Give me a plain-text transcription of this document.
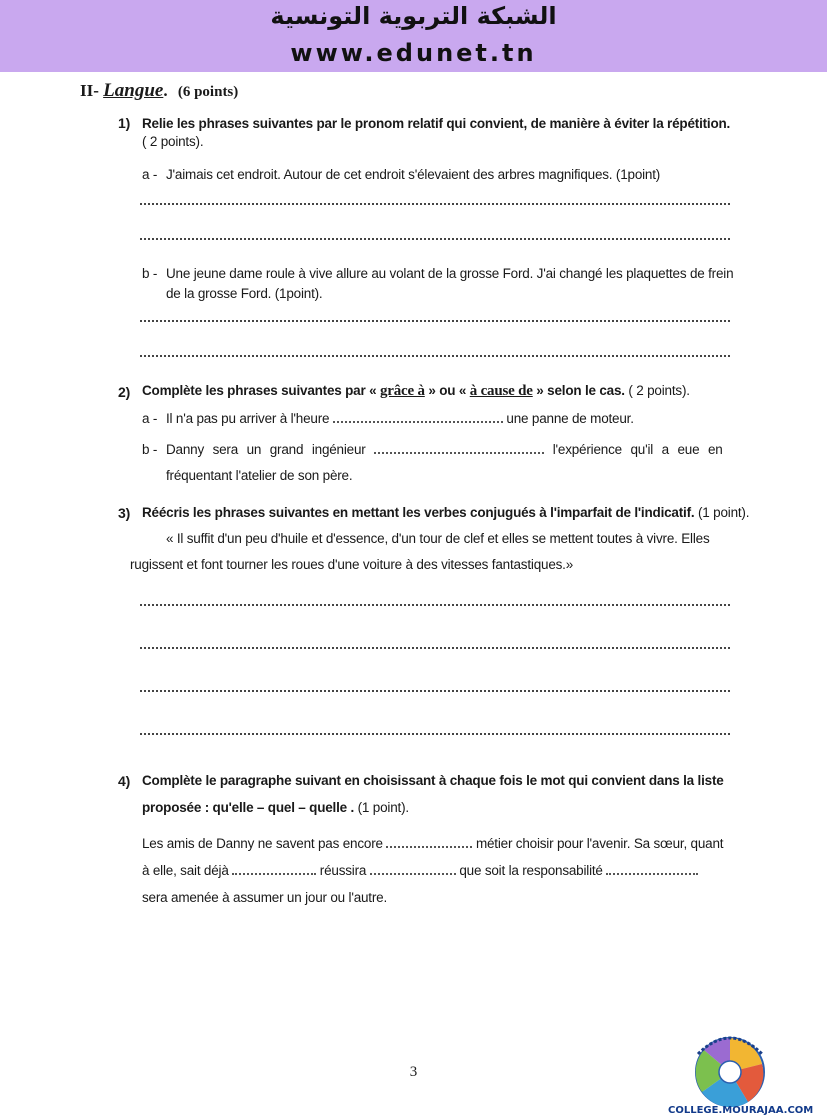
الشبكة التربوية التونسية
www.edunet.tn
II- Langue. (6 points)
1) Relie les phrases suivantes par le pronom relatif qui convient, de manière à éviter la répétition.
( 2 points).
a - J'aimais cet endroit. Autour de cet endroit s'élevaient des arbres magnifiques. (1point)
b - Une jeune dame roule à vive allure au volant de la grosse Ford. J'ai changé les plaquettes de frein
de la grosse Ford. (1point).
2) Complète les phrases suivantes par « grâce à » ou « à cause de » selon le cas. ( 2 points).
a - Il n'a pas pu arriver à l'heure	une panne de moteur.
b - Danny sera un grand ingénieur	l'expérience qu'il a eue en
fréquentant l'atelier de son père.
3) Réécris les phrases suivantes en mettant les verbes conjugués à l'imparfait de l'indicatif. (1 point).
« Il suffit d'un peu d'huile et d'essence, d'un tour de clef et elles se mettent toutes à vivre. Elles
rugissent et font tourner les roues d'une voiture à des vitesses fantastiques.»
4) Complète le paragraphe suivant en choisissant à chaque fois le mot qui convient dans la liste
proposée : qu'elle – quel – quelle . (1 point).
Les amis de Danny ne savent pas encore	métier choisir pour l'avenir. Sa sœur, quant
à elle, sait déjà	réussira	que soit la responsabilité
sera amenée à assumer un jour ou l'autre.
3
COLLEGE.MOURAJAA.COM
